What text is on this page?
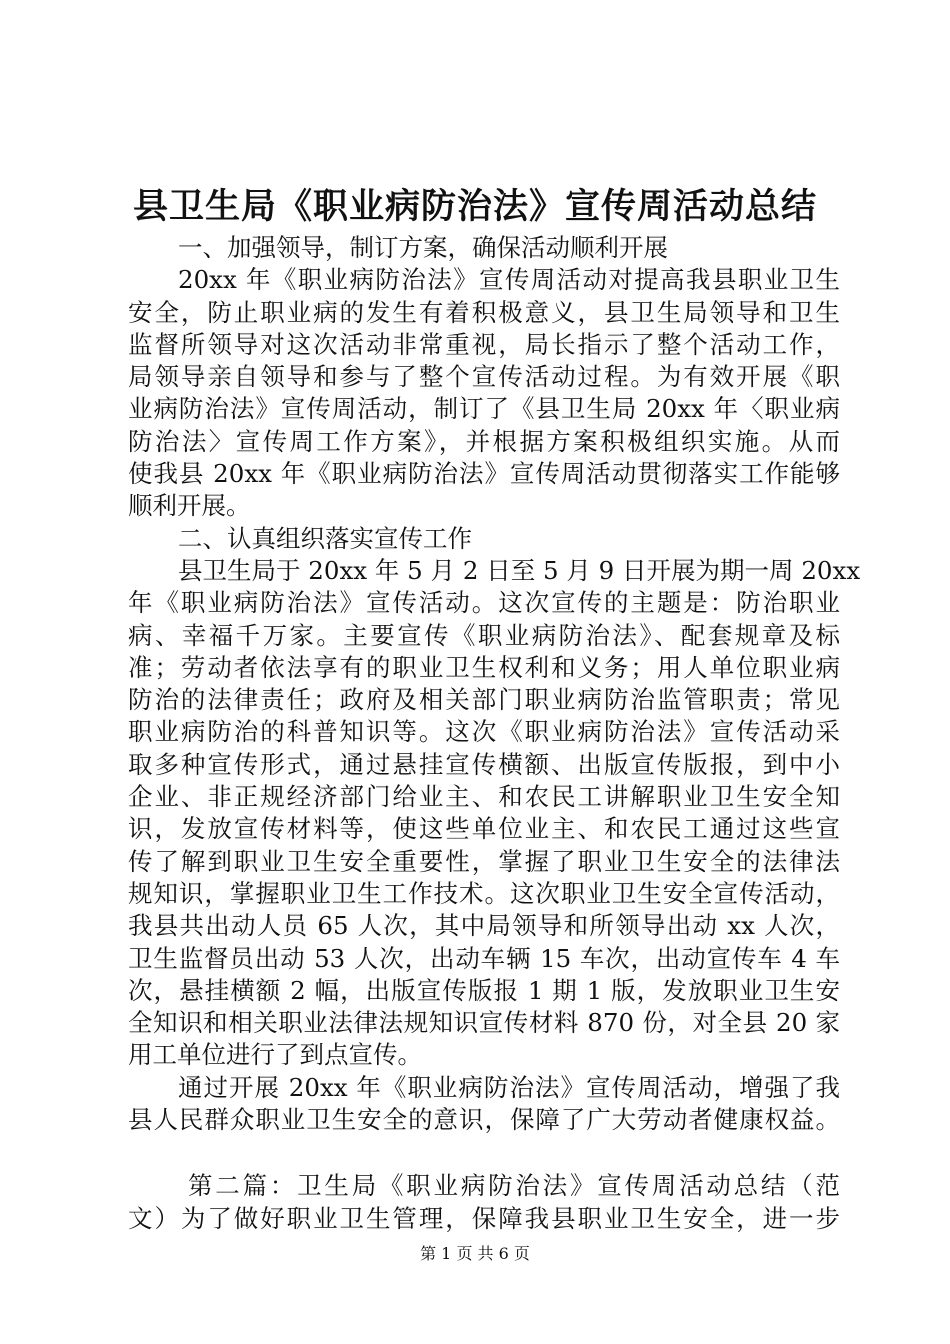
县卫生局《职业病防治法》宣传周活动总结
一、加强领导，制订方案，确保活动顺利开展
20xx 年《职业病防治法》宣传周活动对提高我县职业卫生
安全，防止职业病的发生有着积极意义，县卫生局领导和卫生
监督所领导对这次活动非常重视，局长指示了整个活动工作，
局领导亲自领导和参与了整个宣传活动过程。为有效开展《职
业病防治法》宣传周活动，制订了《县卫生局 20xx 年〈职业病
防治法〉宣传周工作方案》，并根据方案积极组织实施。从而
使我县 20xx 年《职业病防治法》宣传周活动贯彻落实工作能够
顺利开展。
二、认真组织落实宣传工作
县卫生局于 20xx 年 5 月 2 日至 5 月 9 日开展为期一周 20xx
年《职业病防治法》宣传活动。这次宣传的主题是：防治职业
病、幸福千万家。主要宣传《职业病防治法》、配套规章及标
准；劳动者依法享有的职业卫生权利和义务；用人单位职业病
防治的法律责任；政府及相关部门职业病防治监管职责；常见
职业病防治的科普知识等。这次《职业病防治法》宣传活动采
取多种宣传形式，通过悬挂宣传横额、出版宣传版报，到中小
企业、非正规经济部门给业主、和农民工讲解职业卫生安全知
识，发放宣传材料等，使这些单位业主、和农民工通过这些宣
传了解到职业卫生安全重要性，掌握了职业卫生安全的法律法
规知识，掌握职业卫生工作技术。这次职业卫生安全宣传活动，
我县共出动人员 65 人次，其中局领导和所领导出动 xx 人次，
卫生监督员出动 53 人次，出动车辆 15 车次，出动宣传车 4 车
次，悬挂横额 2 幅，出版宣传版报 1 期 1 版，发放职业卫生安
全知识和相关职业法律法规知识宣传材料 870 份，对全县 20 家
用工单位进行了到点宣传。
通过开展 20xx 年《职业病防治法》宣传周活动，增强了我
县人民群众职业卫生安全的意识，保障了广大劳动者健康权益。
第二篇：卫生局《职业病防治法》宣传周活动总结（范
文）为了做好职业卫生管理，保障我县职业卫生安全，进一步
第 1 页 共 6 页
